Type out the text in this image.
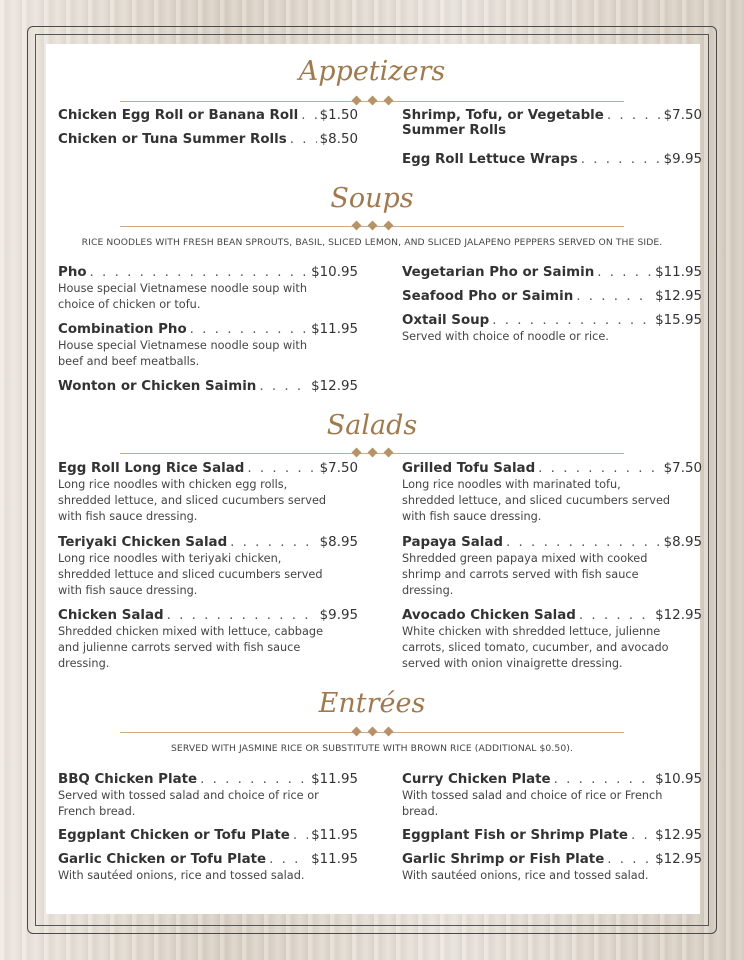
Appetizers
Chicken Egg Roll or Banana Roll . . . $1.50
Chicken or Tuna Summer Rolls . . . $8.50
Shrimp, Tofu, or Vegetable . . .	$7.50
Summer Rolls
Egg Roll Lettuce Wraps . . .	$9.95
Soups
RICE NOODLES WITH FRESH BEAN SPROUTS, BASIL, SLICED LEMON, AND SLICED JALAPENO PEPPERS SERVED ON THE SIDE.
Pho . . .	$10.95
House special Vietnamese noodle soup with choice of chicken or tofu.
Combination Pho . . .	$11.95
House special Vietnamese noodle soup with beef and beef meatballs.
Wonton or Chicken Saimin . . .	$12.95
Vegetarian Pho or Saimin . . .	$11.95
Seafood Pho or Saimin . . .	$12.95
Oxtail Soup . . .	$15.95
Served with choice of noodle or rice.
Salads
Egg Roll Long Rice Salad . . .	$7.50
Long rice noodles with chicken egg rolls, shredded lettuce, and sliced cucumbers served with fish sauce dressing.
Teriyaki Chicken Salad . . .	$8.95
Long rice noodles with teriyaki chicken, shredded lettuce and sliced cucumbers served with fish sauce dressing.
Chicken Salad . . .	$9.95
Shredded chicken mixed with lettuce, cabbage and julienne carrots served with fish sauce dressing.
Grilled Tofu Salad . . .	$7.50
Long rice noodles with marinated tofu, shredded lettuce, and sliced cucumbers served with fish sauce dressing.
Papaya Salad . . .	$8.95
Shredded green papaya mixed with cooked shrimp and carrots served with fish sauce dressing.
Avocado Chicken Salad . . .	$12.95
White chicken with shredded lettuce, julienne carrots, sliced tomato, cucumber, and avocado served with onion vinaigrette dressing.
Entrées
SERVED WITH JASMINE RICE OR SUBSTITUTE WITH BROWN RICE (ADDITIONAL $0.50).
BBQ Chicken Plate . . .	$11.95
Served with tossed salad and choice of rice or French bread.
Eggplant Chicken or Tofu Plate . . . $11.95
Garlic Chicken or Tofu Plate . . .	$11.95
With sautéed onions, rice and tossed salad.
Curry Chicken Plate . . .	$10.95
With tossed salad and choice of rice or French bread.
Eggplant Fish or Shrimp Plate . . . $12.95
Garlic Shrimp or Fish Plate . . .	$12.95
With sautéed onions, rice and tossed salad.
